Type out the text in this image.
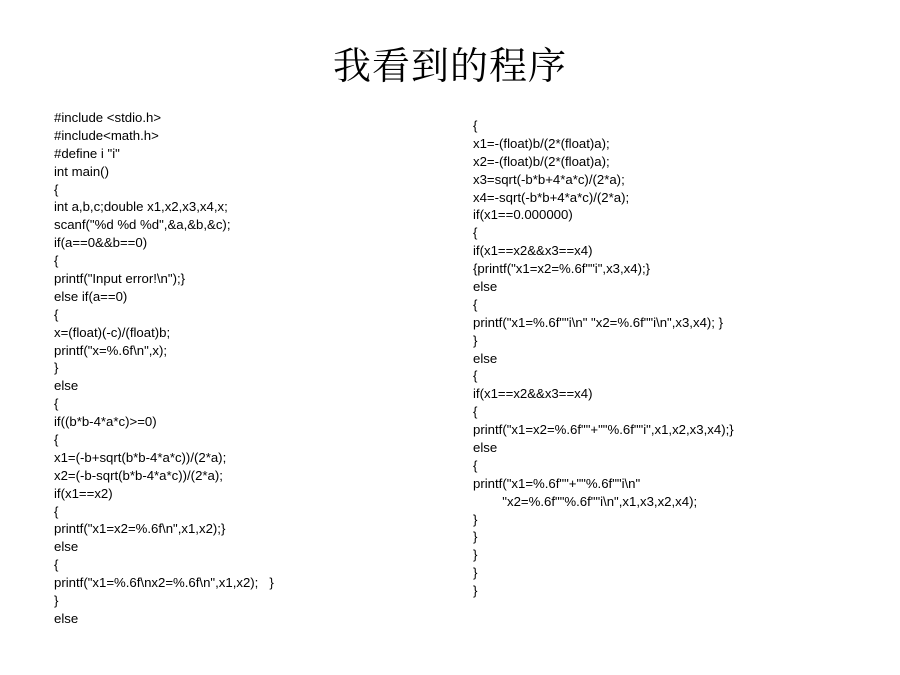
我看到的程序
#include <stdio.h>
#include<math.h>
#define i "i"
int main()
{
int a,b,c;double x1,x2,x3,x4,x;
scanf("%d %d %d",&a,&b,&c);
if(a==0&&b==0)
{
printf("Input error!\n");}
else if(a==0)
{
x=(float)(-c)/(float)b;
printf("x=%.6f\n",x);
}
else
{
if((b*b-4*a*c)>=0)
{
x1=(-b+sqrt(b*b-4*a*c))/(2*a);
x2=(-b-sqrt(b*b-4*a*c))/(2*a);
if(x1==x2)
{
printf("x1=x2=%.6f\n",x1,x2);}
else
{
printf("x1=%.6f\nx2=%.6f\n",x1,x2);   }
}
else
{
x1=-(float)b/(2*(float)a);
x2=-(float)b/(2*(float)a);
x3=sqrt(-b*b+4*a*c)/(2*a);
x4=-sqrt(-b*b+4*a*c)/(2*a);
if(x1==0.000000)
{
if(x1==x2&&x3==x4)
{printf("x1=x2=%.6f""i",x3,x4);}
else
{
printf("x1=%.6f""i\n" "x2=%.6f""i\n",x3,x4); }
}
else
{
if(x1==x2&&x3==x4)
{
printf("x1=x2=%.6f""+""%.6f""i",x1,x2,x3,x4);}
else
{
printf("x1=%.6f""+""%.6f""i\n"
"x2=%.6f""%.6f""i\n",x1,x3,x2,x4);
}
}
}
}
}
